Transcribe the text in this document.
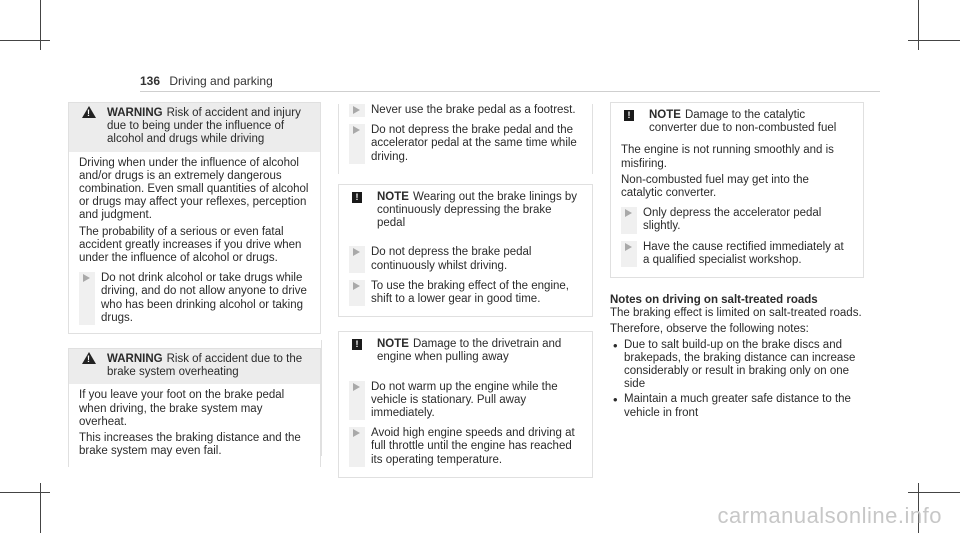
136 Driving and parking
!
WARNING Risk of accident and injury due to being under the influence of alcohol and drugs while driving

Driving when under the influence of alcohol and/or drugs is an extremely dangerous combination. Even small quantities of alcohol or drugs may affect your reflexes, perception and judgment.

The probability of a serious or even fatal accident greatly increases if you drive when under the influence of alcohol or drugs.

Do not drink alcohol or take drugs while driving, and do not allow anyone to drive who has been drinking alcohol or taking drugs.
!
WARNING Risk of accident due to the brake system overheating

If you leave your foot on the brake pedal when driving, the brake system may overheat.

This increases the braking distance and the brake system may even fail.

Never use the brake pedal as a footrest.
Do not depress the brake pedal and the accelerator pedal at the same time while driving.
!	NOTE Wearing out the brake linings by continuously depressing the brake pedal
Do not depress the brake pedal continuously whilst driving.
To use the braking effect of the engine, shift to a lower gear in good time.
!	NOTE Damage to the drivetrain and engine when pulling away
Do not warm up the engine while the vehicle is stationary. Pull away immediately.
Avoid high engine speeds and driving at full throttle until the engine has reached its operating temperature.
!	NOTE Damage to the catalytic converter due to non-combusted fuel

The engine is not running smoothly and is misfiring.

Non-combusted fuel may get into the catalytic converter.

Only depress the accelerator pedal slightly.
Have the cause rectified immediately at a qualified specialist workshop.
Notes on driving on salt-treated roads
The braking effect is limited on salt-treated roads.
Therefore, observe the following notes:
• Due to salt build-up on the brake discs and brakepads, the braking distance can increase considerably or result in braking only on one side
• Maintain a much greater safe distance to the vehicle in front
carmanualsonline.info
